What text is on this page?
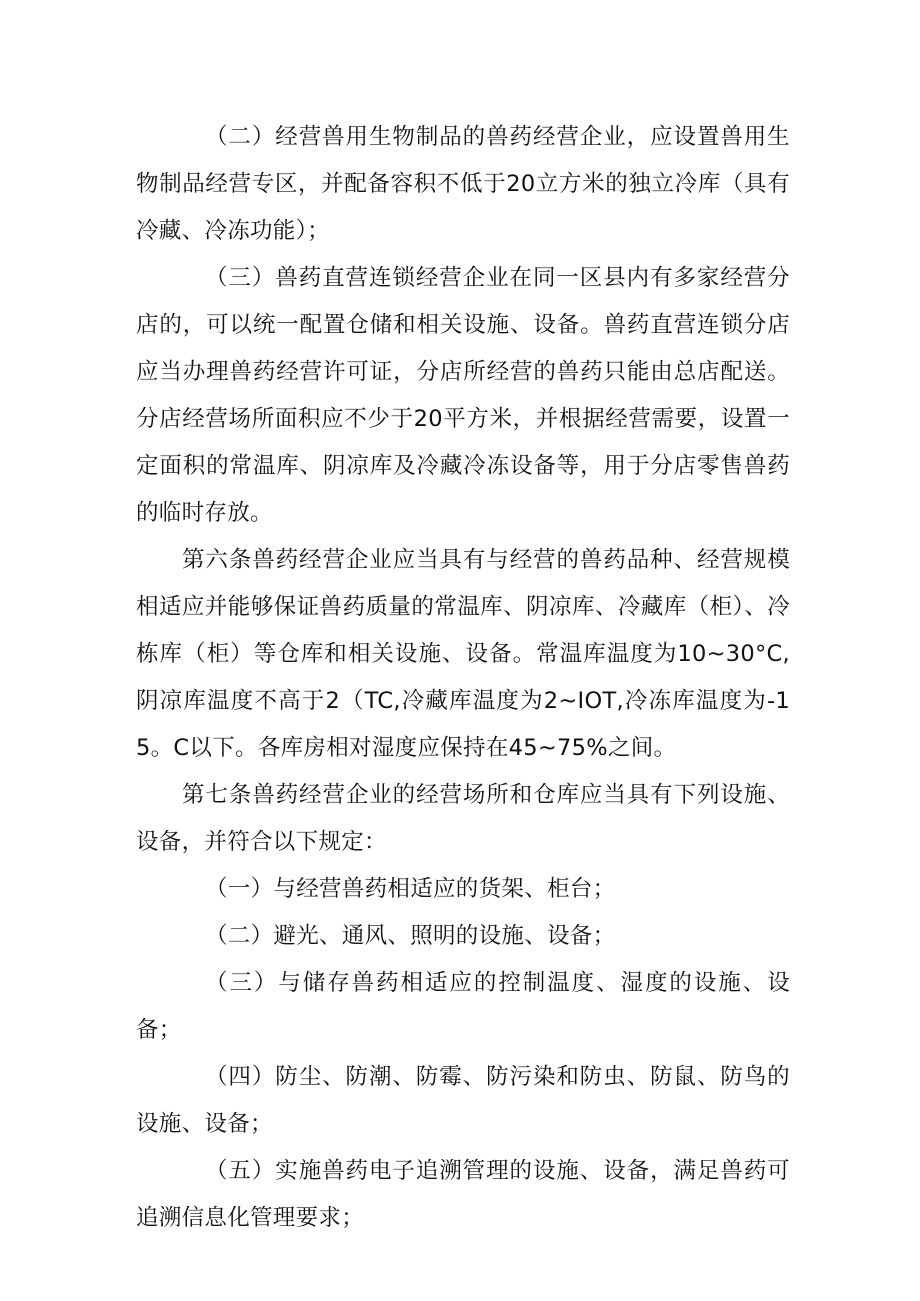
（二）经营兽用生物制品的兽药经营企业，应设置兽用生物制品经营专区，并配备容积不低于20立方米的独立冷库（具有冷藏、冷冻功能）；

（三）兽药直营连锁经营企业在同一区县内有多家经营分店的，可以统一配置仓储和相关设施、设备。兽药直营连锁分店应当办理兽药经营许可证，分店所经营的兽药只能由总店配送。分店经营场所面积应不少于20平方米，并根据经营需要，设置一定面积的常温库、阴凉库及冷藏冷冻设备等，用于分店零售兽药的临时存放。

第六条兽药经营企业应当具有与经营的兽药品种、经营规模相适应并能够保证兽药质量的常温库、阴凉库、冷藏库（柜）、冷栋库（柜）等仓库和相关设施、设备。常温库温度为10~30°C,阴凉库温度不高于2（TC,冷藏库温度为2~IOT,冷冻库温度为-15。C以下。各库房相对湿度应保持在45~75%之间。

第七条兽药经营企业的经营场所和仓库应当具有下列设施、设备，并符合以下规定：

（一）与经营兽药相适应的货架、柜台；

（二）避光、通风、照明的设施、设备；

（三）与储存兽药相适应的控制温度、湿度的设施、设备；

（四）防尘、防潮、防霉、防污染和防虫、防鼠、防鸟的设施、设备；

（五）实施兽药电子追溯管理的设施、设备，满足兽药可追溯信息化管理要求；
